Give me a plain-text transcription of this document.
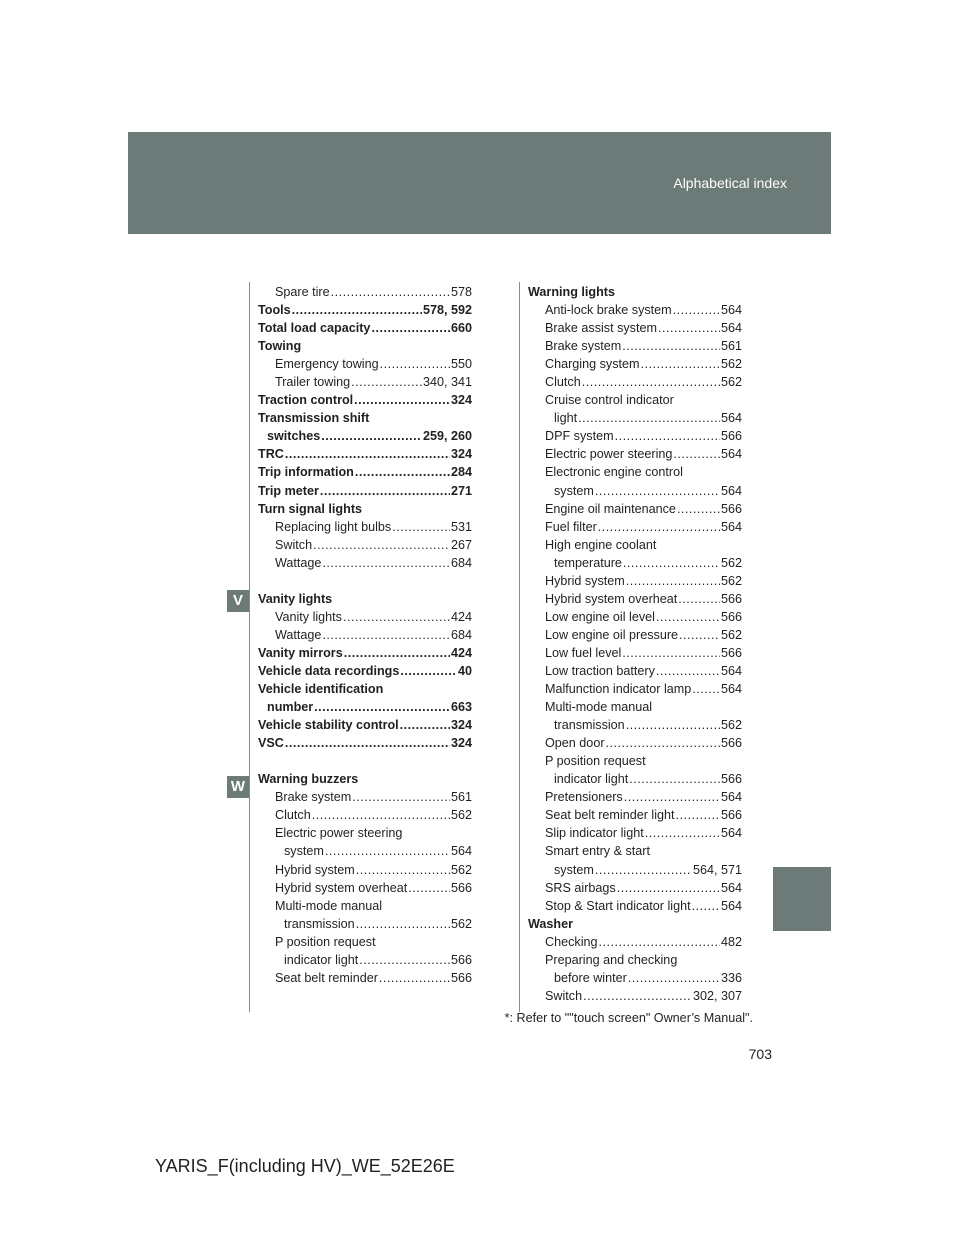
Alphabetical index
V
W
Spare tire .....	578
Tools .....	578, 592
Total load capacity .....	660
Towing
Emergency towing .....	550
Trailer towing .....	340, 341
Traction control .....	324
Transmission shift
switches .....	259, 260
TRC .....	324
Trip information .....	284
Trip meter .....	271
Turn signal lights
Replacing light bulbs .....	531
Switch .....	267
Wattage .....	684
Vanity lights
Vanity lights .....	424
Wattage .....	684
Vanity mirrors .....	424
Vehicle data recordings .....	40
Vehicle identification
number .....	663
Vehicle stability control .....	324
VSC .....	324
Warning buzzers
Brake system .....	561
Clutch .....	562
Electric power steering
system .....	564
Hybrid system .....	562
Hybrid system overheat .....	566
Multi-mode manual
transmission .....	562
P position request
indicator light .....	566
Seat belt reminder .....	566
Warning lights
Anti-lock brake system .....	564
Brake assist system .....	564
Brake system .....	561
Charging system .....	562
Clutch .....	562
Cruise control indicator
light .....	564
DPF system .....	566
Electric power steering .....	564
Electronic engine control
system .....	564
Engine oil maintenance .....	566
Fuel filter .....	564
High engine coolant
temperature .....	562
Hybrid system .....	562
Hybrid system overheat .....	566
Low engine oil level .....	566
Low engine oil pressure .....	562
Low fuel level .....	566
Low traction battery .....	564
Malfunction indicator lamp ..... 564
Multi-mode manual
transmission .....	562
Open door .....	566
P position request
indicator light .....	566
Pretensioners .....	564
Seat belt reminder light .....	566
Slip indicator light .....	564
Smart entry & start
system .....	564, 571
SRS airbags .....	564
Stop & Start indicator light ..... 564
Washer
Checking .....	482
Preparing and checking
before winter .....	336
Switch .....	302, 307
*: Refer to ""touch screen" Owner’s Manual".
703
YARIS_F(including HV)_WE_52E26E
